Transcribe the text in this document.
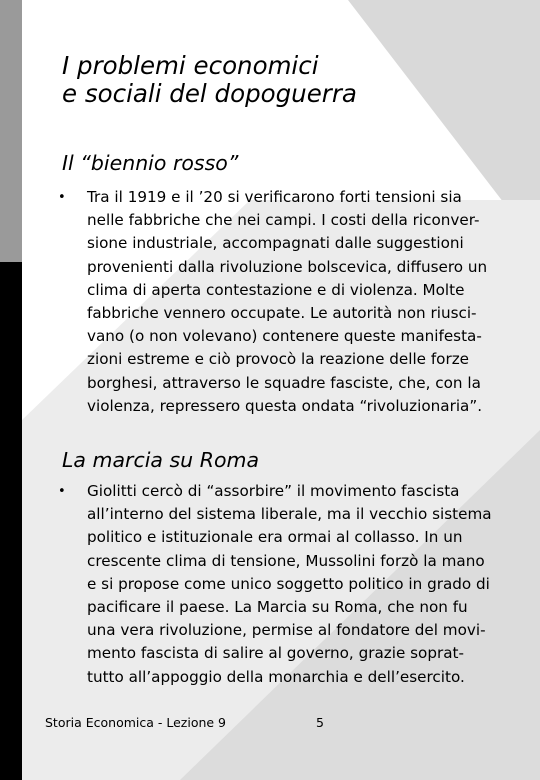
I problemi economici
e sociali del dopoguerra
Il “biennio rosso”
• Tra il 1919 e il ’20 si verificarono forti tensioni sia
nelle fabbriche che nei campi. I costi della riconver-
sione industriale, accompagnati dalle suggestioni
provenienti dalla rivoluzione bolscevica, diffusero un
clima di aperta contestazione e di violenza. Molte
fabbriche vennero occupate. Le autorità non riusci-
vano (o non volevano) contenere queste manifesta-
zioni estreme e ciò provocò la reazione delle forze
borghesi, attraverso le squadre fasciste, che, con la
violenza, repressero questa ondata “rivoluzionaria”.

La marcia su Roma
• Giolitti cercò di “assorbire” il movimento fascista
all’interno del sistema liberale, ma il vecchio sistema
politico e istituzionale era ormai al collasso. In un
crescente clima di tensione, Mussolini forzò la mano
e si propose come unico soggetto politico in grado di
pacificare il paese. La Marcia su Roma, che non fu
una vera rivoluzione, permise al fondatore del movi-
mento fascista di salire al governo, grazie soprat-
tutto all’appoggio della monarchia e dell’esercito.

Storia Economica - Lezione 9	5
